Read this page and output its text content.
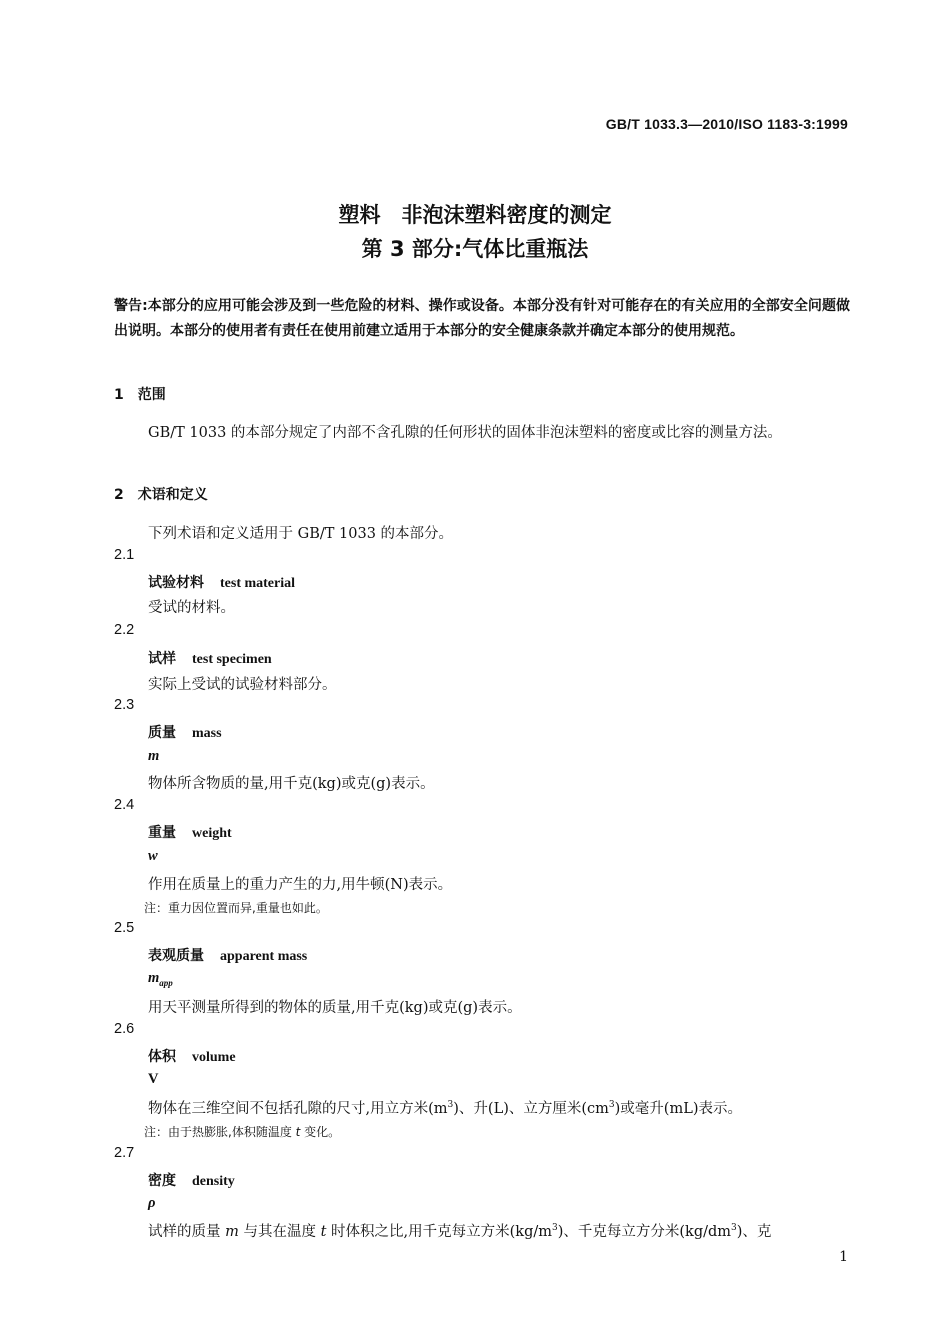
GB/T 1033.3—2010/ISO 1183-3:1999
塑料　非泡沫塑料密度的测定
第 3 部分:气体比重瓶法
警告:本部分的应用可能会涉及到一些危险的材料、操作或设备。本部分没有针对可能存在的有关应用的全部安全问题做出说明。本部分的使用者有责任在使用前建立适用于本部分的安全健康条款并确定本部分的使用规范。
1　范围
GB/T 1033 的本部分规定了内部不含孔隙的任何形状的固体非泡沫塑料的密度或比容的测量方法。
2　术语和定义
下列术语和定义适用于 GB/T 1033 的本部分。
2.1
试验材料 test material
受试的材料。
2.2
试样 test specimen
实际上受试的试验材料部分。
2.3
质量 mass
m
物体所含物质的量,用千克(kg)或克(g)表示。
2.4
重量 weight
w
作用在质量上的重力产生的力,用牛顿(N)表示。
注：重力因位置而异,重量也如此。
2.5
表观质量 apparent mass
$m_{app}$
用天平测量所得到的物体的质量,用千克(kg)或克(g)表示。
2.6
体积 volume
V
物体在三维空间不包括孔隙的尺寸,用立方米$(m^3)$、升(L)、立方厘米$(cm^3)$或毫升(mL)表示。
注：由于热膨胀,体积随温度 t 变化。
2.7
密度 density
ρ
试样的质量 m 与其在温度 t 时体积之比,用千克每立方米$(kg/m^3)$、千克每立方分米$(kg/dm^3)$、克
1
